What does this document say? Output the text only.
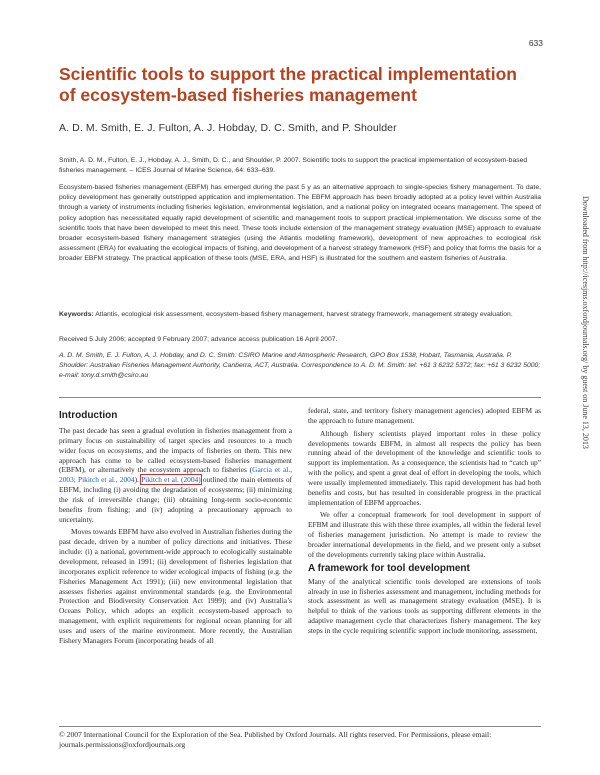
633
Scientific tools to support the practical implementation of ecosystem-based fisheries management
A. D. M. Smith, E. J. Fulton, A. J. Hobday, D. C. Smith, and P. Shoulder

Smith, A. D. M., Fulton, E. J., Hobday, A. J., Smith, D. C., and Shoulder, P. 2007. Scientific tools to support the practical implementation of ecosystem-based fisheries management. – ICES Journal of Marine Science, 64: 633–639.

Ecosystem-based fisheries management (EBFM) has emerged during the past 5 y as an alternative approach to single-species fishery management. To date, policy development has generally outstripped application and implementation. The EBFM approach has been broadly adopted at a policy level within Australia through a variety of instruments including fisheries legislation, environmental legislation, and a national policy on integrated oceans management. The speed of policy adoption has necessitated equally rapid development of scientific and management tools to support practical implementation. We discuss some of the scientific tools that have been developed to meet this need. These tools include extension of the management strategy evaluation (MSE) approach to evaluate broader ecosystem-based fishery management strategies (using the Atlantis modelling framework), development of new approaches to ecological risk assessment (ERA) for evaluating the ecological impacts of fishing, and development of a harvest strategy framework (HSF) and policy that forms the basis for a broader EBFM strategy. The practical application of these tools (MSE, ERA, and HSF) is illustrated for the southern and eastern fisheries of Australia.

Keywords: Atlantis, ecological risk assessment, ecosystem-based fishery management, harvest strategy framework, management strategy evaluation.

Received 5 July 2006; accepted 9 February 2007; advance access publication 16 April 2007.

A. D. M. Smith, E. J. Fulton, A. J. Hobday, and D. C. Smith: CSIRO Marine and Atmospheric Research, GPO Box 1538, Hobart, Tasmania, Australia. P. Shoulder: Australian Fisheries Management Authority, Canberra, ACT, Australia. Correspondence to A. D. M. Smith: tel: +61 3 6232 5372; fax: +61 3 6232 5000; e-mail: tony.d.smith@csiro.au

Introduction

The past decade has seen a gradual evolution in fisheries management from a primary focus on sustainability of target species and resources to a much wider focus on ecosystems, and the impacts of fisheries on them. This new approach has come to be called ecosystem-based fisheries management (EBFM), or alternatively the ecosystem approach to fisheries (Garcia et al., 2003; Pikitch et al., 2004). Pikitch et al. (2004) outlined the main elements of EBFM, including (i) avoiding the degradation of ecosystems; (ii) minimizing the risk of irreversible change; (iii) obtaining long-term socio-economic benefits from fishing; and (iv) adopting a precautionary approach to uncertainty.

Moves towards EBFM have also evolved in Australian fisheries during the past decade, driven by a number of policy directions and initiatives. These include: (i) a national, government-wide approach to ecologically sustainable development, released in 1991; (ii) development of fisheries legislation that incorporates explicit reference to wider ecological impacts of fishing (e.g. the Fisheries Management Act 1991); (iii) new environmental legislation that assesses fisheries against environmental standards (e.g. the Environmental Protection and Biodiversity Conservation Act 1999); and (iv) Australia’s Oceans Policy, which adopts an explicit ecosystem-based approach to management, with explicit requirements for regional ocean planning for all uses and users of the marine environment. More recently, the Australian Fishery Managers Forum (incorporating heads of all

federal, state, and territory fishery management agencies) adopted EBFM as the approach to future management.

Although fishery scientists played important roles in these policy developments towards EBFM, in almost all respects the policy has been running ahead of the development of the knowledge and scientific tools to support its implementation. As a consequence, the scientists had to “catch up” with the policy, and spent a great deal of effort in developing the tools, which were usually implemented immediately. This rapid development has had both benefits and costs, but has resulted in considerable progress in the practical implementation of EBFM approaches.

We offer a conceptual framework for tool development in support of EFBM and illustrate this with these three examples, all within the federal level of fisheries management jurisdiction. No attempt is made to review the broader international developments in the field, and we present only a subset of the developments currently taking place within Australia.

A framework for tool development

Many of the analytical scientific tools developed are extensions of tools already in use in fisheries assessment and management, including methods for stock assessment as well as management strategy evaluation (MSE). It is helpful to think of the various tools as supporting different elements in the adaptive management cycle that characterizes fishery management. The key steps in the cycle requiring scientific support include monitoring, assessment,

© 2007 International Council for the Exploration of the Sea. Published by Oxford Journals. All rights reserved. For Permissions, please email: journals.permissions@oxfordjournals.org

Downloaded from http://icesjms.oxfordjournals.org/ by guest on June 13, 2013
